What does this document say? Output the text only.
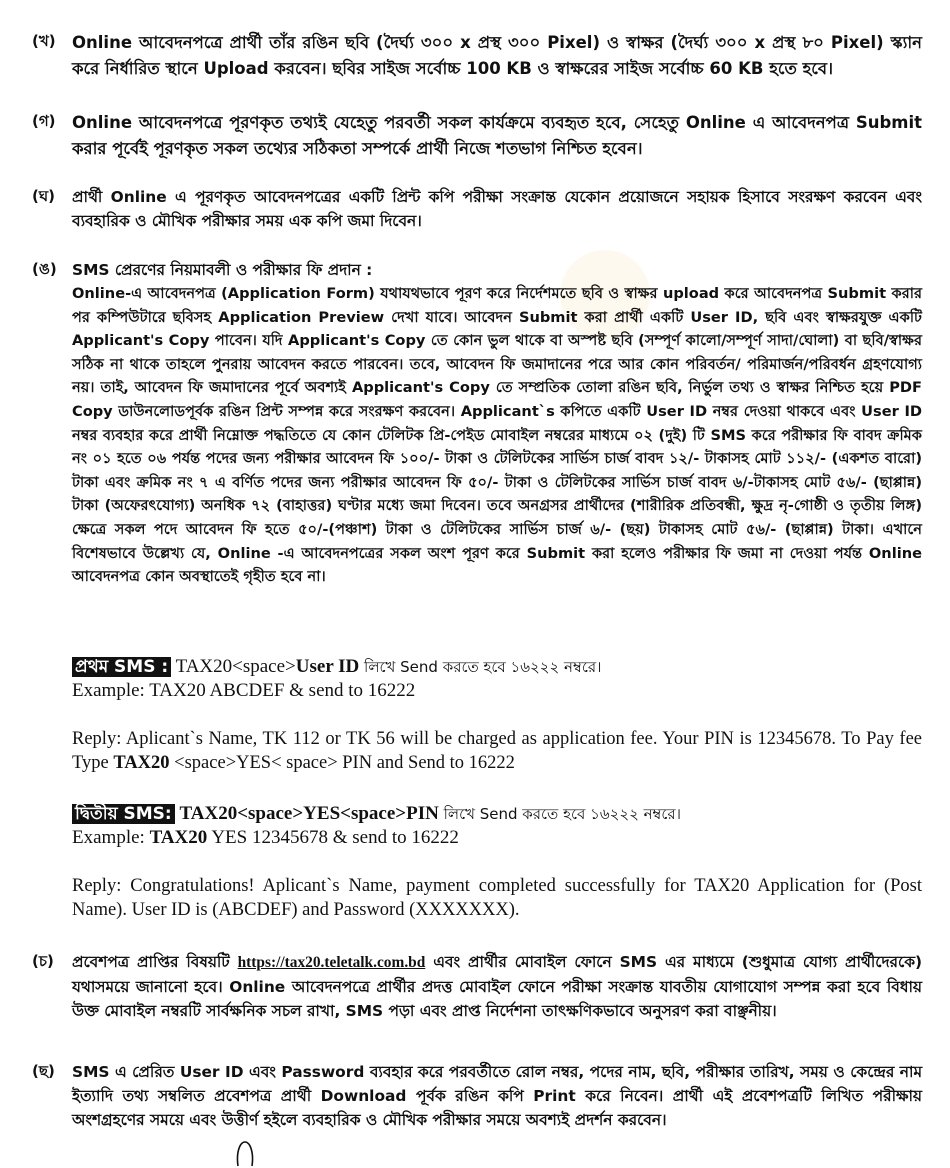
(খ) Online আবেদনপত্রে প্রার্থী তাঁর রঙিন ছবি (দৈর্ঘ্য ৩০০ x প্রস্থ ৩০০ Pixel) ও স্বাক্ষর (দৈর্ঘ্য ৩০০ x প্রস্থ ৮০ Pixel) স্ক্যান করে নির্ধারিত স্থানে Upload করবেন। ছবির সাইজ সর্বোচ্চ 100 KB ও স্বাক্ষরের সাইজ সর্বোচ্চ 60 KB হতে হবে।
(গ) Online আবেদনপত্রে পূরণকৃত তথ্যই যেহেতু পরবর্তী সকল কার্যক্রমে ব্যবহৃত হবে, সেহেতু Online এ আবেদনপত্র Submit করার পূর্বেই পূরণকৃত সকল তথ্যের সঠিকতা সম্পর্কে প্রার্থী নিজে শতভাগ নিশ্চিত হবেন।
(ঘ)	প্রার্থী Online এ পূরণকৃত আবেদনপত্রের একটি প্রিন্ট কপি পরীক্ষা সংক্রান্ত যেকোন প্রয়োজনে সহায়ক হিসাবে সংরক্ষণ করবেন এবং ব্যবহারিক ও মৌখিক পরীক্ষার সময় এক কপি জমা দিবেন।
(ঙ) SMS প্রেরণের নিয়মাবলী ও পরীক্ষার ফি প্রদান :
Online-এ আবেদনপত্র (Application Form) যথাযথভাবে পূরণ করে নির্দেশমতে ছবি ও স্বাক্ষর upload করে আবেদনপত্র Submit করার পর কম্পিউটারে ছবিসহ Application Preview দেখা যাবে। আবেদন Submit করা প্রার্থী একটি User ID, ছবি এবং স্বাক্ষরযুক্ত একটি Applicant's Copy পাবেন। যদি Applicant's Copy তে কোন ভুল থাকে বা অস্পষ্ট ছবি (সম্পূর্ণ কালো/সম্পূর্ণ সাদা/ঘোলা) বা ছবি/স্বাক্ষর সঠিক না থাকে তাহলে পুনরায় আবেদন করতে পারবেন। তবে, আবেদন ফি জমাদানের পরে আর কোন পরিবর্তন/ পরিমার্জন/পরিবর্ধন গ্রহণযোগ্য নয়। তাই, আবেদন ফি জমাদানের পূর্বে অবশ্যই Applicant's Copy তে সম্প্রতিক তোলা রঙিন ছবি, নির্ভুল তথ্য ও স্বাক্ষর নিশ্চিত হয়ে PDF Copy ডাউনলোডপূর্বক রঙিন প্রিন্ট সম্পন্ন করে সংরক্ষণ করবেন। Applicant`s কপিতে একটি User ID নম্বর দেওয়া থাকবে এবং User ID নম্বর ব্যবহার করে প্রার্থী নিম্নোক্ত পদ্ধতিতে যে কোন টেলিটক প্রি-পেইড মোবাইল নম্বরের মাধ্যমে ০২ (দুই) টি SMS করে পরীক্ষার ফি বাবদ ক্রমিক নং ০১ হতে ০৬ পর্যন্ত পদের জন্য পরীক্ষার আবেদন ফি ১০০/- টাকা ও টেলিটকের সার্ভিস চার্জ বাবদ ১২/- টাকাসহ মোট ১১২/- (একশত বারো) টাকা এবং ক্রমিক নং ৭ এ বর্ণিত পদের জন্য পরীক্ষার আবেদন ফি ৫০/- টাকা ও টেলিটকের সার্ভিস চার্জ বাবদ ৬/-টাকাসহ মোট ৫৬/- (ছাপ্পান্ন) টাকা (অফেরৎযোগ্য) অনধিক ৭২ (বাহাত্তর) ঘণ্টার মধ্যে জমা দিবেন। তবে অনগ্রসর প্রার্থীদের (শারীরিক প্রতিবন্ধী, ক্ষুদ্র নৃ-গোষ্ঠী ও তৃতীয় লিঙ্গ) ক্ষেত্রে সকল পদে আবেদন ফি হতে ৫০/-(পঞ্চাশ) টাকা ও টেলিটকের সার্ভিস চার্জ ৬/- (ছয়) টাকাসহ মোট ৫৬/- (ছাপ্পান্ন) টাকা। এখানে বিশেষভাবে উল্লেখ্য যে, Online -এ আবেদনপত্রের সকল অংশ পূরণ করে Submit করা হলেও পরীক্ষার ফি জমা না দেওয়া পর্যন্ত Online আবেদনপত্র কোন অবস্থাতেই গৃহীত হবে না।
প্রথম SMS : TAX20<space>User ID লিখে Send করতে হবে ১৬২২২ নম্বরে।
Example: TAX20 ABCDEF & send to 16222
Reply: Aplicant`s Name, TK 112 or TK 56 will be charged as application fee. Your PIN is 12345678. To Pay fee Type TAX20 <space>YES< space> PIN and Send to 16222
দ্বিতীয় SMS: TAX20<space>YES<space>PIN লিখে Send করতে হবে ১৬২২২ নম্বরে।
Example: TAX20 YES 12345678 & send to 16222
Reply: Congratulations! Aplicant`s Name, payment completed successfully for TAX20 Application for (Post Name). User ID is (ABCDEF) and Password (XXXXXXX).
(চ)	প্রবেশপত্র প্রাপ্তির বিষয়টি https://tax20.teletalk.com.bd এবং প্রার্থীর মোবাইল ফোনে SMS এর মাধ্যমে (শুধুমাত্র যোগ্য প্রার্থীদেরকে) যথাসময়ে জানানো হবে। Online আবেদনপত্রে প্রার্থীর প্রদত্ত মোবাইল ফোনে পরীক্ষা সংক্রান্ত যাবতীয় যোগাযোগ সম্পন্ন করা হবে বিধায় উক্ত মোবাইল নম্বরটি সার্বক্ষনিক সচল রাখা, SMS পড়া এবং প্রাপ্ত নির্দেশনা তাৎক্ষণিকভাবে অনুসরণ করা বাঞ্ছনীয়।
(ছ)	SMS এ প্রেরিত User ID এবং Password ব্যবহার করে পরবর্তীতে রোল নম্বর, পদের নাম, ছবি, পরীক্ষার তারিখ, সময় ও কেন্দ্রের নাম ইত্যাদি তথ্য সম্বলিত প্রবেশপত্র প্রার্থী Download পূর্বক রঙিন কপি Print করে নিবেন। প্রার্থী এই প্রবেশপত্রটি লিখিত পরীক্ষায় অংশগ্রহণের সময়ে এবং উত্তীর্ণ হইলে ব্যবহারিক ও মৌখিক পরীক্ষার সময়ে অবশ্যই প্রদর্শন করবেন।
